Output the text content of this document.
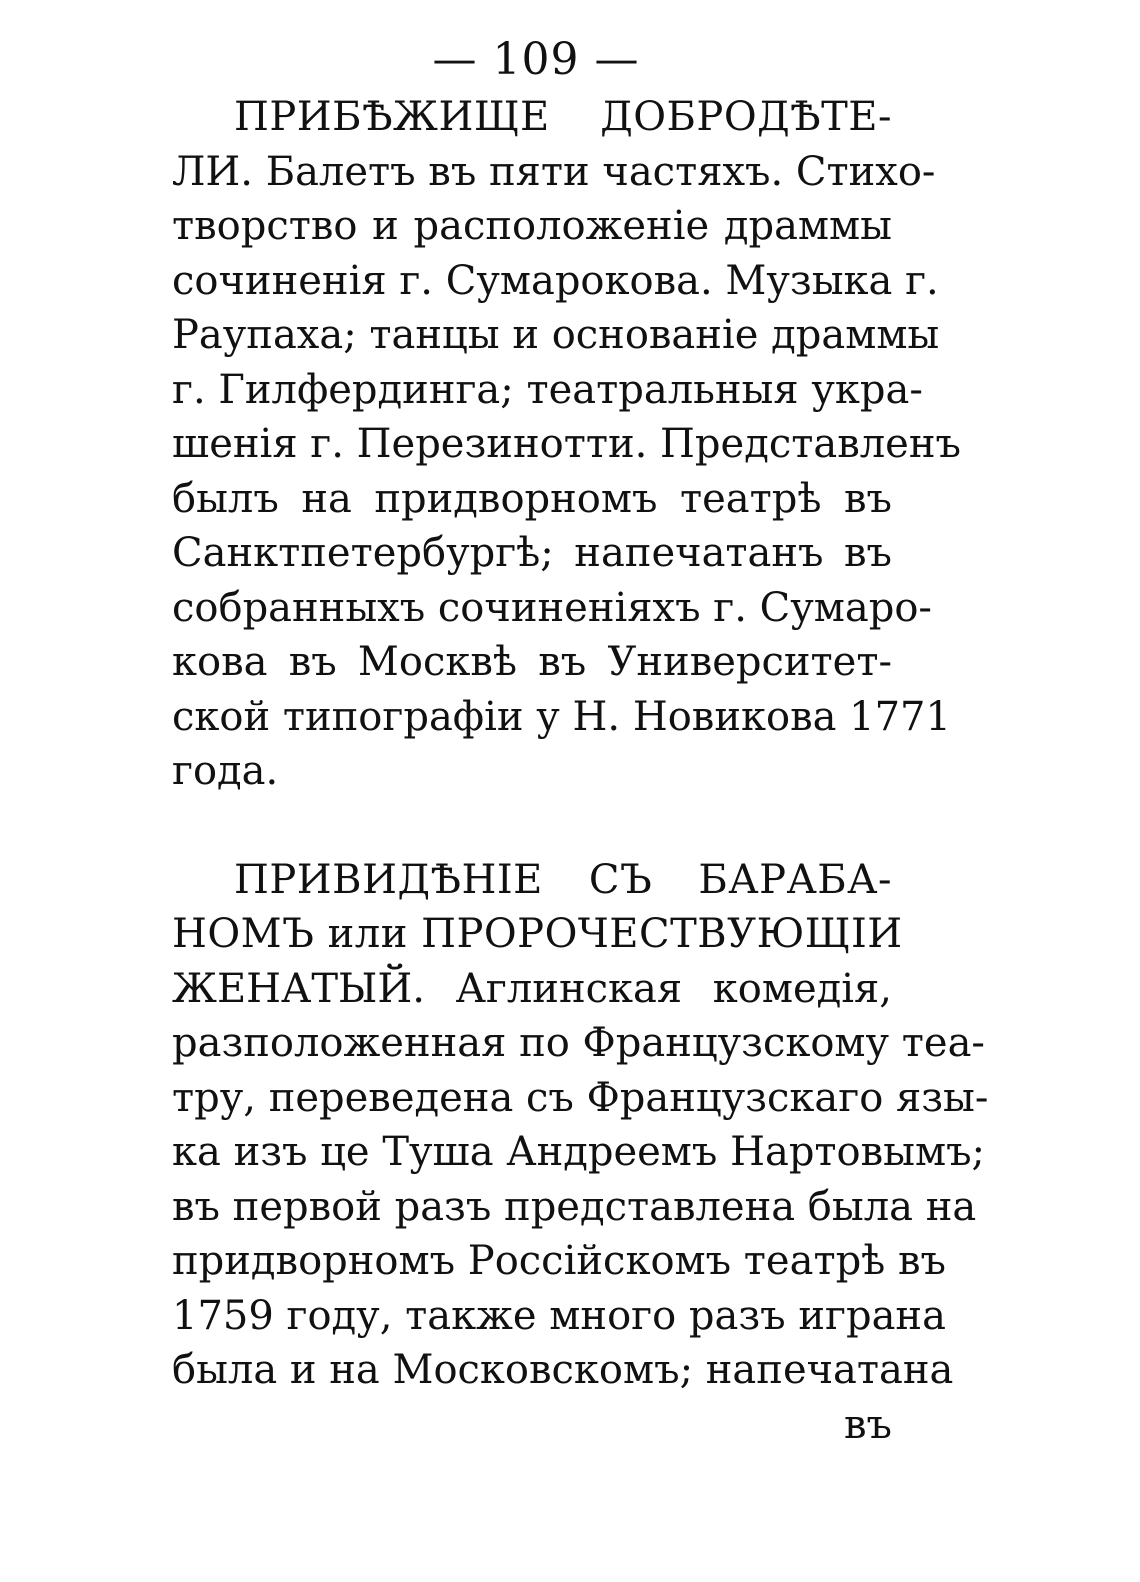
— 109 —
ПРИБѢЖИЩЕ ДОБРОДѢТЕ-
ЛИ. Балетъ въ пяти частяхъ. Стихо-
творство и расположеніе драммы
сочиненія г. Сумарокова. Музыка г.
Раупаха; танцы и основаніе драммы
г. Гилфердинга; театральныя укра-
шенія г. Перезинотти. Представленъ
былъ на придворномъ театрѣ въ
Санктпетербургѣ; напечатанъ въ
собранныхъ сочиненіяхъ г. Сумаро-
кова въ Москвѣ въ Университет-
ской типографіи у Н. Новикова 1771
года.
ПРИВИДѢНІЕ СЪ БАРАБА-
НОМЪ или ПРОРОЧЕСТВУЮЩІИ
ЖЕНАТЫЙ. Аглинская комедія,
разположенная по Французскому теа-
тру, переведена съ Французскаго язы-
ка изъ це Туша Андреемъ Нартовымъ;
въ первой разъ представлена была на
придворномъ Россійскомъ театрѣ въ
1759 году, также много разъ играна
была и на Московскомъ; напечатана
въ
